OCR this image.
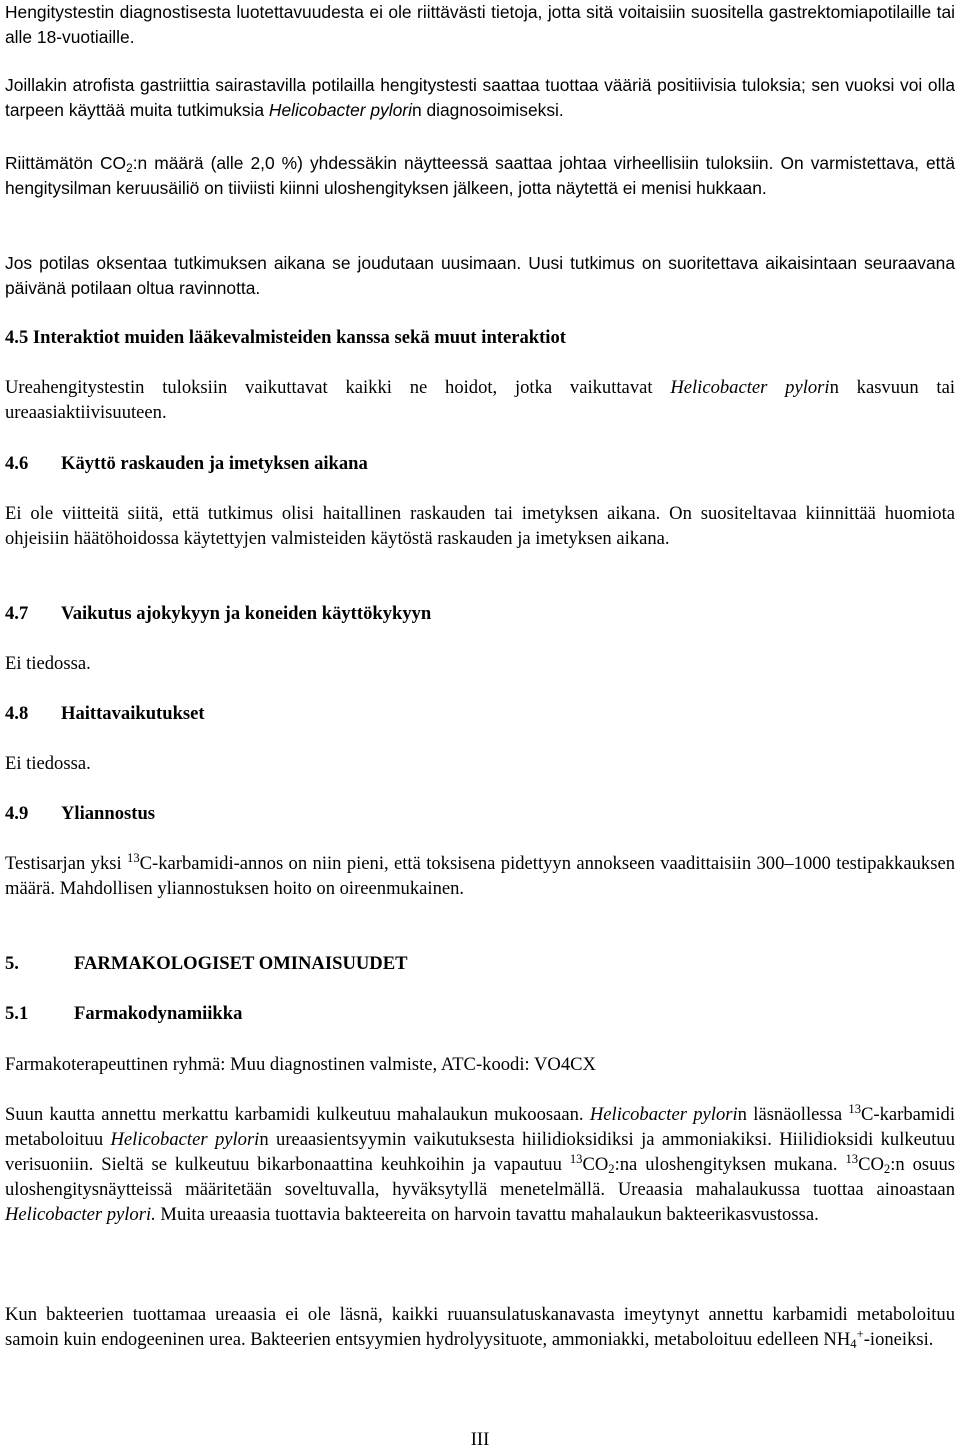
Hengitystestin diagnostisesta luotettavuudesta ei ole riittävästi tietoja, jotta sitä voitaisiin suositella gastrektomiapotilaille tai alle 18-vuotiaille.
Joillakin atrofista gastriittia sairastavilla potilailla hengitystesti saattaa tuottaa vääriä positiivisia tuloksia; sen vuoksi voi olla tarpeen käyttää muita tutkimuksia Helicobacter pylorin diagnosoimiseksi.
Riittämätön $CO_2:n$ määrä (alle 2,0 %) yhdessäkin näytteessä saattaa johtaa virheellisiin tuloksiin. On varmistettava, että hengitysilman keruusäiliö on tiiviisti kiinni uloshengityksen jälkeen, jotta näytettä ei menisi hukkaan.
Jos potilas oksentaa tutkimuksen aikana se joudutaan uusimaan. Uusi tutkimus on suoritettava aikaisintaan seuraavana päivänä potilaan oltua ravinnotta.
4.5 Interaktiot muiden lääkevalmisteiden kanssa sekä muut interaktiot
Ureahengitystestin tuloksiin vaikuttavat kaikki ne hoidot, jotka vaikuttavat Helicobacter pylorin kasvuun tai ureaasiaktiivisuuteen.
4.6 Käyttö raskauden ja imetyksen aikana
Ei ole viitteitä siitä, että tutkimus olisi haitallinen raskauden tai imetyksen aikana. On suositeltavaa kiinnittää huomiota ohjeisiin häätöhoidossa käytettyjen valmisteiden käytöstä raskauden ja imetyksen aikana.
4.7 Vaikutus ajokykyyn ja koneiden käyttökykyyn
Ei tiedossa.
4.8 Haittavaikutukset
Ei tiedossa.
4.9 Yliannostus
Testisarjan yksi $^{13}$C-karbamidi-annos on niin pieni, että toksisena pidettyyn annokseen vaadittaisiin 300–1000 testipakkauksen määrä. Mahdollisen yliannostuksen hoito on oireenmukainen.
5.	FARMAKOLOGISET OMINAISUUDET
5.1 Farmakodynamiikka
Farmakoterapeuttinen ryhmä: Muu diagnostinen valmiste, ATC-koodi: VO4CX
Suun kautta annettu merkattu karbamidi kulkeutuu mahalaukun mukoosaan. Helicobacter pylorin läsnäollessa $^{13}$C-karbamidi metaboloituu Helicobacter pylorin ureaasientsyymin vaikutuksesta hiilidioksidiksi ja ammoniakiksi. Hiilidioksidi kulkeutuu verisuoniin. Sieltä se kulkeutuu bikarbonaattina keuhkoihin ja vapautuu $^{13}CO_2:na$ uloshengityksen mukana. $^{13}CO_2:n$ osuus uloshengitysnäytteissä määritetään soveltuvalla, hyväksytyllä menetelmällä. Ureaasia mahalaukussa tuottaa ainoastaan Helicobacter pylori. Muita ureaasia tuottavia bakteereita on harvoin tavattu mahalaukun bakteerikasvustossa.
Kun bakteerien tuottamaa ureaasia ei ole läsnä, kaikki ruuansulatuskanavasta imeytynyt annettu karbamidi metaboloituu samoin kuin endogeeninen urea. Bakteerien entsyymien hydrolyysituote, ammoniakki, metaboloituu edelleen $NH_4^+$-ioneiksi.
III
